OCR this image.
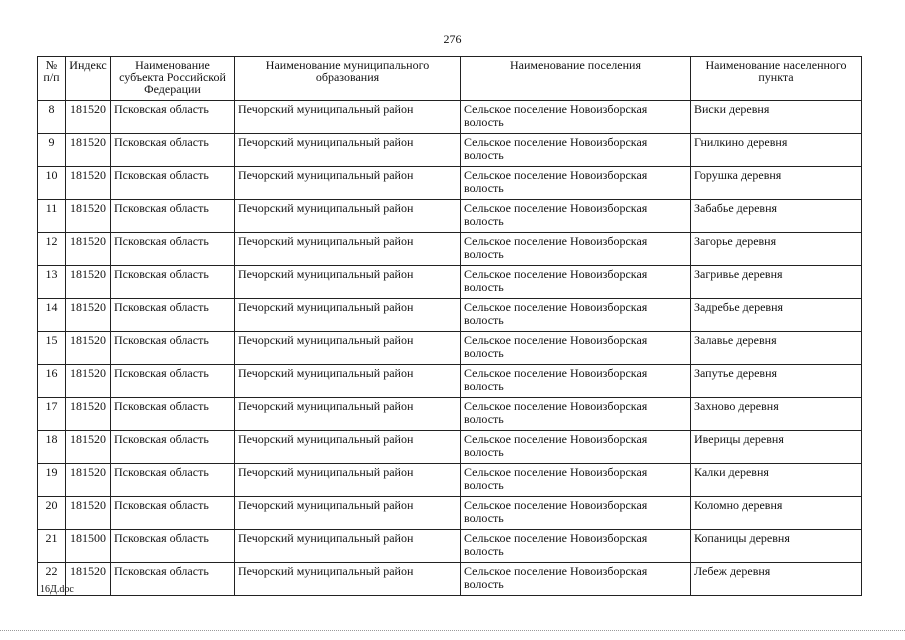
276
№ п/п	Индекс	Наименование субъекта Российской Федерации	Наименование муниципального образования	Наименование поселения	Наименование населенного пункта
8	181520	Псковская область	Печорский муниципальный район	Сельское поселение Новоизборская волость	Виски деревня
9	181520	Псковская область	Печорский муниципальный район	Сельское поселение Новоизборская волость	Гнилкино деревня
10	181520	Псковская область	Печорский муниципальный район	Сельское поселение Новоизборская волость	Горушка деревня
11	181520	Псковская область	Печорский муниципальный район	Сельское поселение Новоизборская волость	Забабье деревня
12	181520	Псковская область	Печорский муниципальный район	Сельское поселение Новоизборская волость	Загорье деревня
13	181520	Псковская область	Печорский муниципальный район	Сельское поселение Новоизборская волость	Загривье деревня
14	181520	Псковская область	Печорский муниципальный район	Сельское поселение Новоизборская волость	Задребье деревня
15	181520	Псковская область	Печорский муниципальный район	Сельское поселение Новоизборская волость	Залавье деревня
16	181520	Псковская область	Печорский муниципальный район	Сельское поселение Новоизборская волость	Запутье деревня
17	181520	Псковская область	Печорский муниципальный район	Сельское поселение Новоизборская волость	Захново деревня
18	181520	Псковская область	Печорский муниципальный район	Сельское поселение Новоизборская волость	Иверицы деревня
19	181520	Псковская область	Печорский муниципальный район	Сельское поселение Новоизборская волость	Калки деревня
20	181520	Псковская область	Печорский муниципальный район	Сельское поселение Новоизборская волость	Коломно деревня
21	181500	Псковская область	Печорский муниципальный район	Сельское поселение Новоизборская волость	Копаницы деревня
22	181520	Псковская область	Печорский муниципальный район	Сельское поселение Новоизборская волость	Лебеж деревня
16Д.doc
